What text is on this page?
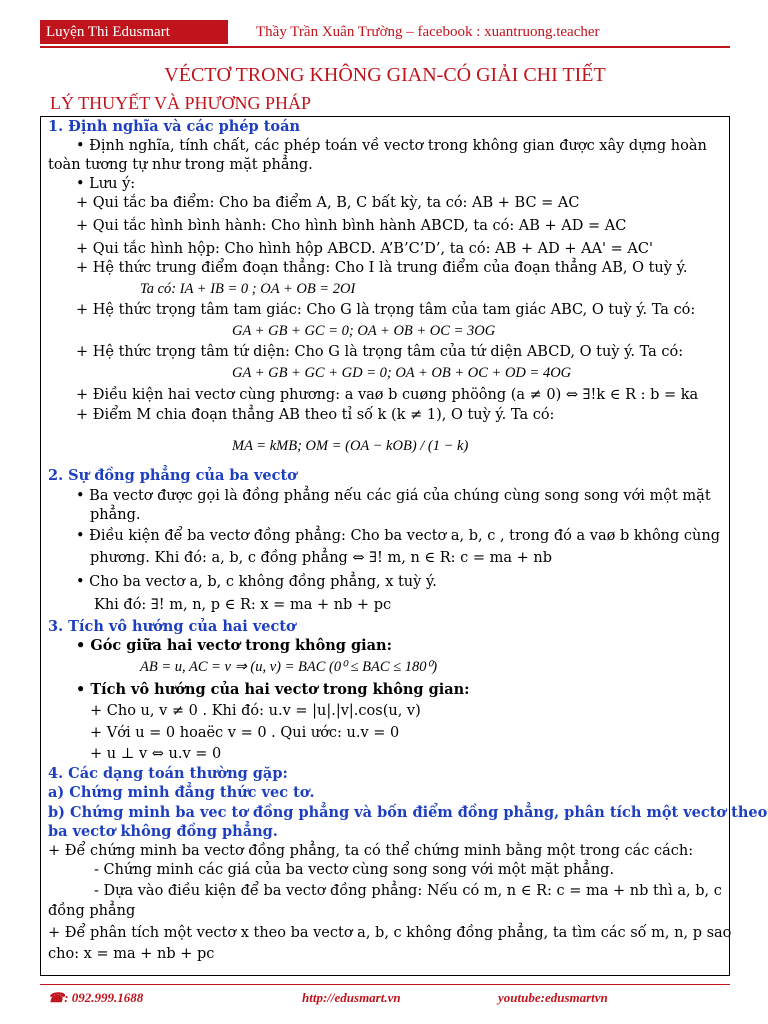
Luyện Thi Edusmart	Thầy Trần Xuân Trường – facebook : xuantruong.teacher
VÉCTƠ TRONG KHÔNG GIAN-CÓ GIẢI CHI TIẾT
LÝ THUYẾT VÀ PHƯƠNG PHÁP
1. Định nghĩa và các phép toán
• Định nghĩa, tính chất, các phép toán về vectơ trong không gian được xây dựng hoàn
toàn tương tự như trong mặt phẳng.
• Lưu ý:
+ Qui tắc ba điểm: Cho ba điểm A, B, C bất kỳ, ta có: AB + BC = AC
+ Qui tắc hình bình hành: Cho hình bình hành ABCD, ta có: AB + AD = AC
+ Qui tắc hình hộp: Cho hình hộp ABCD. A’B’C’D’, ta có: AB + AD + AA' = AC'
+ Hệ thức trung điểm đoạn thẳng: Cho I là trung điểm của đoạn thẳng AB, O tuỳ ý.
Ta có: IA + IB = 0 ; OA + OB = 2OI
+ Hệ thức trọng tâm tam giác: Cho G là trọng tâm của tam giác ABC, O tuỳ ý. Ta có:
GA + GB + GC = 0; OA + OB + OC = 3OG
+ Hệ thức trọng tâm tứ diện: Cho G là trọng tâm của tứ diện ABCD, O tuỳ ý. Ta có:
GA + GB + GC + GD = 0; OA + OB + OC + OD = 4OG
+ Điều kiện hai vectơ cùng phương: a vaø b cuøng phöông (a ≠ 0) ⇔ ∃!k ∈ R : b = ka
+ Điểm M chia đoạn thẳng AB theo tỉ số k (k ≠ 1), O tuỳ ý. Ta có:
MA = kMB; OM = (OA − kOB) / (1 − k)
2. Sự đồng phẳng của ba vectơ
• Ba vectơ được gọi là đồng phẳng nếu các giá của chúng cùng song song với một mặt
phẳng.
• Điều kiện để ba vectơ đồng phẳng: Cho ba vectơ a, b, c , trong đó a vaø b không cùng
phương. Khi đó: a, b, c đồng phẳng ⇔ ∃! m, n ∈ R: c = ma + nb
• Cho ba vectơ a, b, c không đồng phẳng, x tuỳ ý.
Khi đó: ∃! m, n, p ∈ R: x = ma + nb + pc
3. Tích vô hướng của hai vectơ
• Góc giữa hai vectơ trong không gian:
AB = u, AC = v ⇒ (u, v) = BAC (0⁰ ≤ BAC ≤ 180⁰)
• Tích vô hướng của hai vectơ trong không gian:
+ Cho u, v ≠ 0 . Khi đó: u.v = |u|.|v|.cos(u, v)
+ Với u = 0 hoaëc v = 0 . Qui ước: u.v = 0
+ u ⊥ v ⇔ u.v = 0
4. Các dạng toán thường gặp:
a) Chứng minh đẳng thức vec tơ.
b) Chứng minh ba vec tơ đồng phẳng và bốn điểm đồng phẳng, phân tích một vectơ theo
ba vectơ không đồng phẳng.
+ Để chứng minh ba vectơ đồng phẳng, ta có thể chứng minh bằng một trong các cách:
- Chứng minh các giá của ba vectơ cùng song song với một mặt phẳng.
- Dựa vào điều kiện để ba vectơ đồng phẳng: Nếu có m, n ∈ R: c = ma + nb thì a, b, c
đồng phẳng
+ Để phân tích một vectơ x theo ba vectơ a, b, c không đồng phẳng, ta tìm các số m, n, p sao
cho: x = ma + nb + pc
☎: 092.999.1688	http://edusmart.vn	youtube:edusmartvn
